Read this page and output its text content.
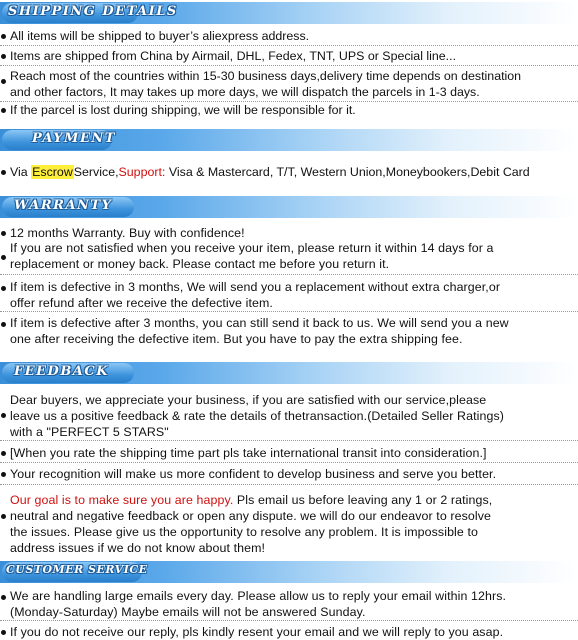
SHIPPING DETAILS
All items will be shipped to buyer’s aliexpress address.
Items are shipped from China by Airmail, DHL, Fedex, TNT, UPS or Special line...
Reach most of the countries within 15-30 business days,delivery time depends on destination
and other factors, It may takes up more days, we will dispatch the parcels in 1-3 days.
If the parcel is lost during shipping, we will be responsible for it.
PAYMENT
Via EscrowService,Support: Visa & Mastercard, T/T, Western Union,Moneybookers,Debit Card
WARRANTY
12 months Warranty. Buy with confidence!
If you are not satisfied when you receive your item, please return it within 14 days for a
replacement or money back. Please contact me before you return it.
If item is defective in 3 months, We will send you a replacement without extra charger,or
offer refund after we receive the defective item.
If item is defective after 3 months, you can still send it back to us. We will send you a new
one after receiving the defective item. But you have to pay the extra shipping fee.
FEEDBACK
Dear buyers, we appreciate your business, if you are satisfied with our service,please
leave us a positive feedback & rate the details of thetransaction.(Detailed Seller Ratings)
with a "PERFECT 5 STARS"
[When you rate the shipping time part pls take international transit into consideration.]
Your recognition will make us more confident to develop business and serve you better.
Our goal is to make sure you are happy. Pls email us before leaving any 1 or 2 ratings,
neutral and negative feedback or open any dispute. we will do our endeavor to resolve
the issues. Please give us the opportunity to resolve any problem. It is impossible to
address issues if we do not know about them!
CUSTOMER SERVICE
We are handling large emails every day. Please allow us to reply your email within 12hrs.
(Monday-Saturday) Maybe emails will not be answered Sunday.
If you do not receive our reply, pls kindly resent your email and we will reply to you asap.
